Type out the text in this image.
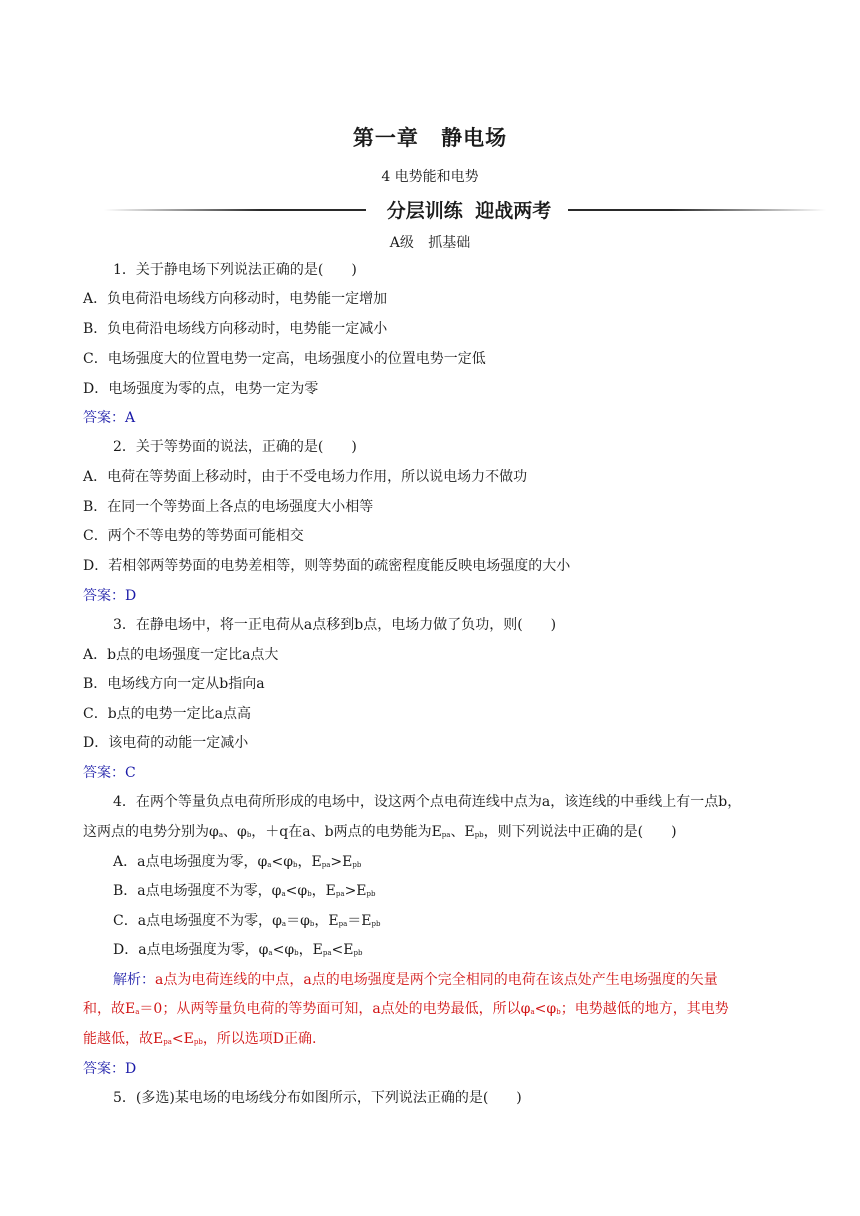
第一章 静电场
4 电势能和电势
分层训练 迎战两考
A级 抓基础
1．关于静电场下列说法正确的是(　　)
A．负电荷沿电场线方向移动时，电势能一定增加
B．负电荷沿电场线方向移动时，电势能一定减小
C．电场强度大的位置电势一定高，电场强度小的位置电势一定低
D．电场强度为零的点，电势一定为零
答案：A
2．关于等势面的说法，正确的是(　　)
A．电荷在等势面上移动时，由于不受电场力作用，所以说电场力不做功
B．在同一个等势面上各点的电场强度大小相等
C．两个不等电势的等势面可能相交
D．若相邻两等势面的电势差相等，则等势面的疏密程度能反映电场强度的大小
答案：D
3．在静电场中，将一正电荷从a点移到b点，电场力做了负功，则(　　)
A．b点的电场强度一定比a点大
B．电场线方向一定从b指向a
C．b点的电势一定比a点高
D．该电荷的动能一定减小
答案：C
4．在两个等量负点电荷所形成的电场中，设这两个点电荷连线中点为a，该连线的中垂线上有一点b，
这两点的电势分别为$\varphi_a$、$\varphi_b$，＋q在a、b两点的电势能为$E_{pa}$、$E_{pb}$，则下列说法中正确的是(　　)
A．a点电场强度为零，$\varphi_a<\varphi_b$，$E_{pa}>E_{pb}$
B．a点电场强度不为零，$\varphi_a<\varphi_b$，$E_{pa}>E_{pb}$
C．a点电场强度不为零，$\varphi_a=\varphi_b$，$E_{pa}=E_{pb}$
D．a点电场强度为零，$\varphi_a<\varphi_b$，$E_{pa}<E_{pb}$
解析：a点为电荷连线的中点，a点的电场强度是两个完全相同的电荷在该点处产生电场强度的矢量
和，故$E_a=0$；从两等量负电荷的等势面可知，a点处的电势最低，所以$\varphi_a<\varphi_b$；电势越低的地方，其电势
能越低，故$E_{pa}<E_{pb}$，所以选项D正确.
答案：D
5．(多选)某电场的电场线分布如图所示，下列说法正确的是(　　)
